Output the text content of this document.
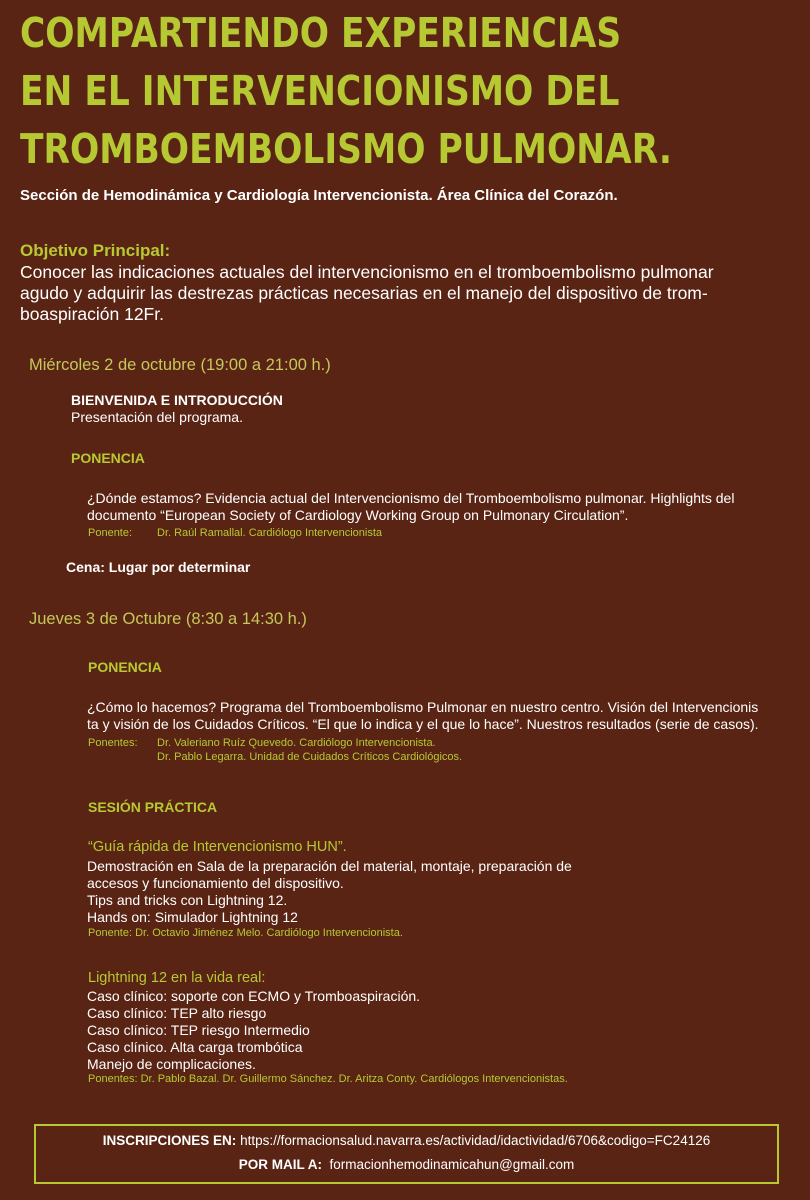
COMPARTIENDO EXPERIENCIAS
EN EL INTERVENCIONISMO DEL
TROMBOEMBOLISMO PULMONAR.
Sección de Hemodinámica y Cardiología Intervencionista. Área Clínica del Corazón.
Objetivo Principal:
Conocer las indicaciones actuales del intervencionismo en el tromboembolismo pulmonar
agudo y adquirir las destrezas prácticas necesarias en el manejo del dispositivo de trom-
boaspiración 12Fr.
Miércoles 2 de octubre (19:00 a 21:00 h.)
BIENVENIDA E INTRODUCCIÓN
Presentación del programa.
PONENCIA
¿Dónde estamos? Evidencia actual del Intervencionismo del Tromboembolismo pulmonar. Highlights del
documento “European Society of Cardiology Working Group on Pulmonary Circulation”.
Ponente: Dr. Raúl Ramallal. Cardiólogo Intervencionista
Cena: Lugar por determinar
Jueves 3 de Octubre (8:30 a 14:30 h.)
PONENCIA
¿Cómo lo hacemos? Programa del Tromboembolismo Pulmonar en nuestro centro. Visión del Intervencionis
ta y visión de los Cuidados Críticos. “El que lo indica y el que lo hace”. Nuestros resultados (serie de casos).
Ponentes: Dr. Valeriano Ruíz Quevedo. Cardiólogo Intervencionista.
Dr. Pablo Legarra. Unidad de Cuidados Críticos Cardiológicos.
SESIÓN PRÁCTICA
“Guía rápida de Intervencionismo HUN”.
Demostración en Sala de la preparación del material, montaje, preparación de
accesos y funcionamiento del dispositivo.
Tips and tricks con Lightning 12.
Hands on: Simulador Lightning 12
Ponente: Dr. Octavio Jiménez Melo. Cardiólogo Intervencionista.
Lightning 12 en la vida real:
Caso clínico: soporte con ECMO y Tromboaspiración.
Caso clínico: TEP alto riesgo
Caso clínico: TEP riesgo Intermedio
Caso clínico. Alta carga trombótica
Manejo de complicaciones.
Ponentes: Dr. Pablo Bazal. Dr. Guillermo Sánchez. Dr. Aritza Conty. Cardiólogos Intervencionistas.
INSCRIPCIONES EN: https://formacionsalud.navarra.es/actividad/idactividad/6706&codigo=FC24126
POR MAIL A: formacionhemodinamicahun@gmail.com
